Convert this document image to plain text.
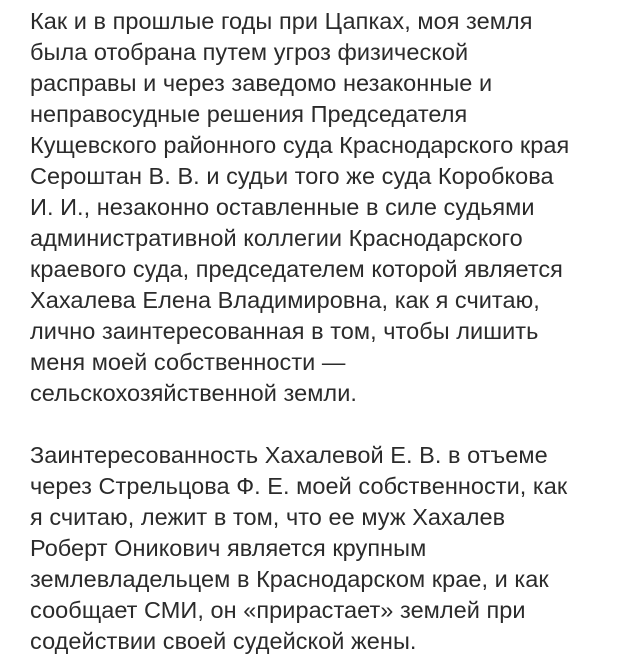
Как и в прошлые годы при Цапках, моя земля
была отобрана путем угроз физической
расправы и через заведомо незаконные и
неправосудные решения Председателя
Кущевского районного суда Краснодарского края
Сероштан В. В. и судьи того же суда Коробкова
И. И., незаконно оставленные в силе судьями
административной коллегии Краснодарского
краевого суда, председателем которой является
Хахалева Елена Владимировна, как я считаю,
лично заинтересованная в том, чтобы лишить
меня моей собственности —
сельскохозяйственной земли.

Заинтересованность Хахалевой Е. В. в отъеме
через Стрельцова Ф. Е. моей собственности, как
я считаю, лежит в том, что ее муж Хахалев
Роберт Оникович является крупным
землевладельцем в Краснодарском крае, и как
сообщает СМИ, он «прирастает» землей при
содействии своей судейской жены.
